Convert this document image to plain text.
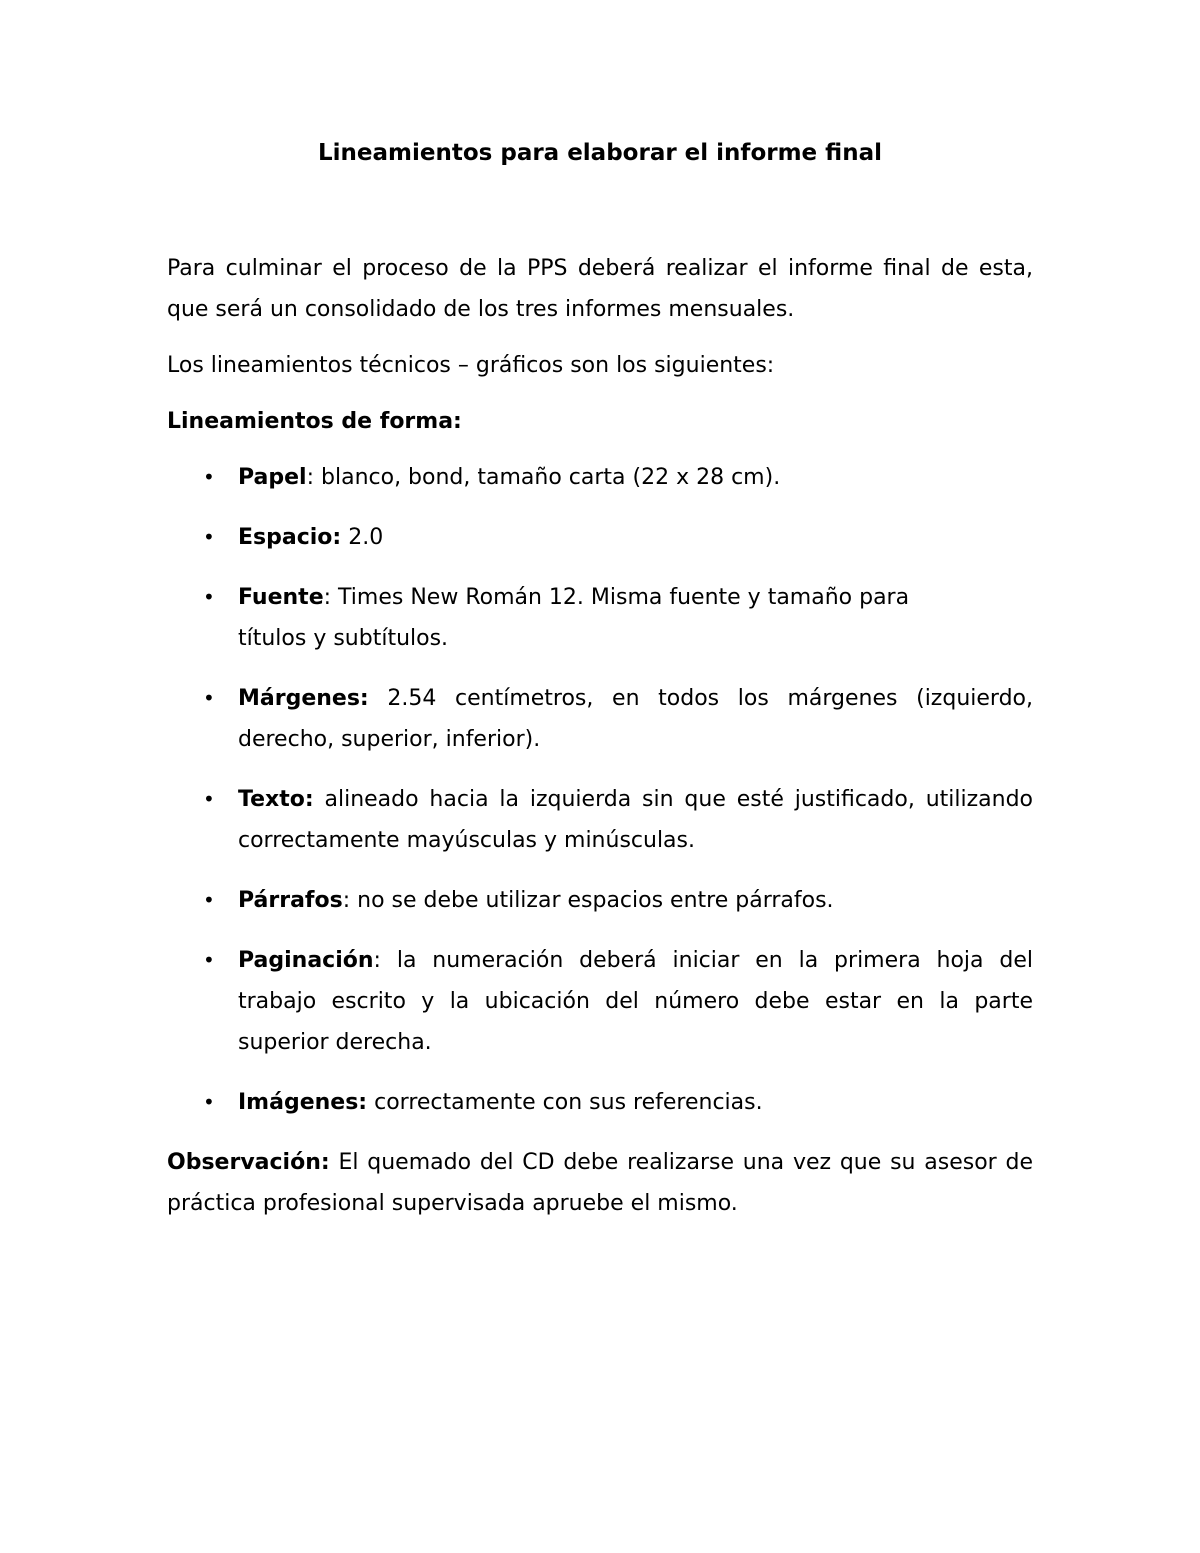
Lineamientos para elaborar el informe final

Para culminar el proceso de la PPS deberá realizar el informe final de esta, que será un consolidado de los tres informes mensuales.

Los lineamientos técnicos – gráficos son los siguientes:

Lineamientos de forma:

• Papel: blanco, bond, tamaño carta (22 x 28 cm).
• Espacio: 2.0
• Fuente: Times New Román 12. Misma fuente y tamaño para títulos y subtítulos.
• Márgenes: 2.54 centímetros, en todos los márgenes (izquierdo, derecho, superior, inferior).
• Texto: alineado hacia la izquierda sin que esté justificado, utilizando correctamente mayúsculas y minúsculas.
• Párrafos: no se debe utilizar espacios entre párrafos.
• Paginación: la numeración deberá iniciar en la primera hoja del trabajo escrito y la ubicación del número debe estar en la parte superior derecha.
• Imágenes: correctamente con sus referencias.

Observación: El quemado del CD debe realizarse una vez que su asesor de práctica profesional supervisada apruebe el mismo.
